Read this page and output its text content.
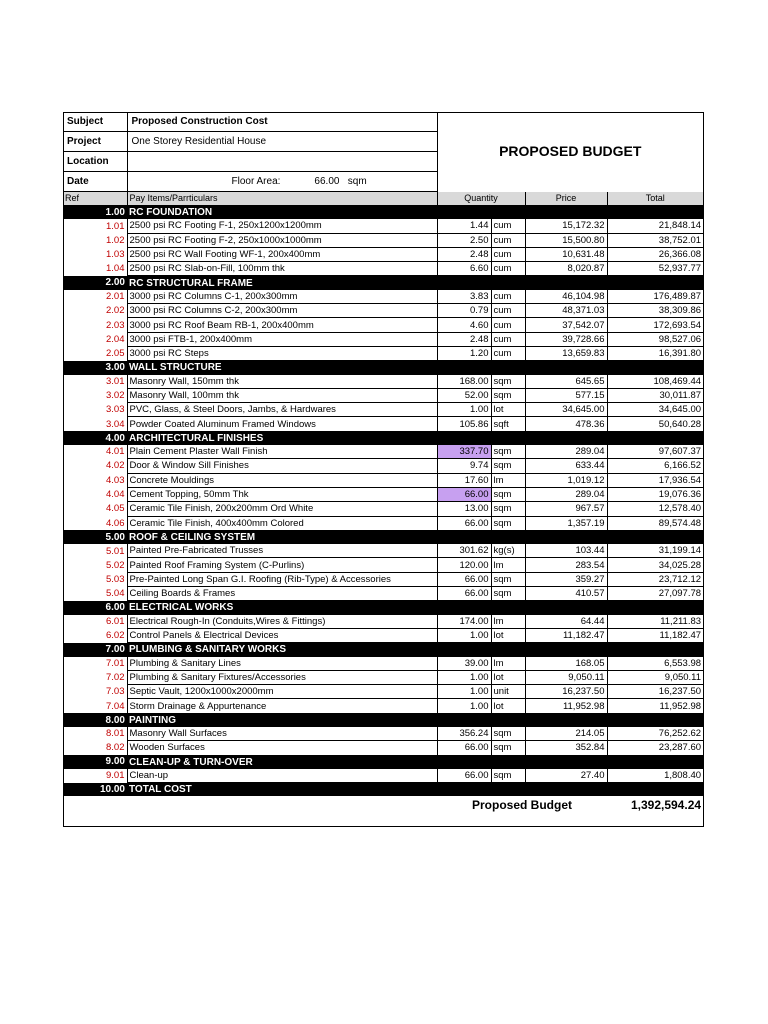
Subject	Proposed Construction Cost	PROPOSED BUDGET			
Project	One Storey Residential House				
Location					
Date	Floor Area: 66.00 sqm				
Ref	Pay Items/Parrticulars	Quantity		Price	Total
1.00	RC FOUNDATION				
1.01	2500 psi RC Footing F-1, 250x1200x1200mm	1.44	cum	15,172.32	21,848.14
1.02	2500 psi RC Footing F-2, 250x1000x1000mm	2.50	cum	15,500.80	38,752.01
1.03	2500 psi RC Wall Footing WF-1, 200x400mm	2.48	cum	10,631.48	26,366.08
1.04	2500 psi RC Slab-on-Fill, 100mm thk	6.60	cum	8,020.87	52,937.77
2.00	RC STRUCTURAL FRAME				
2.01	3000 psi RC Columns C-1, 200x300mm	3.83	cum	46,104.98	176,489.87
2.02	3000 psi RC Columns C-2, 200x300mm	0.79	cum	48,371.03	38,309.86
2.03	3000 psi RC Roof Beam RB-1, 200x400mm	4.60	cum	37,542.07	172,693.54
2.04	3000 psi FTB-1, 200x400mm	2.48	cum	39,728.66	98,527.06
2.05	3000 psi RC Steps	1.20	cum	13,659.83	16,391.80
3.00	WALL STRUCTURE				
3.01	Masonry Wall, 150mm thk	168.00	sqm	645.65	108,469.44
3.02	Masonry Wall, 100mm thk	52.00	sqm	577.15	30,011.87
3.03	PVC, Glass, & Steel Doors, Jambs, & Hardwares	1.00	lot	34,645.00	34,645.00
3.04	Powder Coated Aluminum Framed Windows	105.86	sqft	478.36	50,640.28
4.00	ARCHITECTURAL FINISHES				
4.01	Plain Cement Plaster Wall Finish	337.70	sqm	289.04	97,607.37
4.02	Door & Window Sill Finishes	9.74	sqm	633.44	6,166.52
4.03	Concrete Mouldings	17.60	lm	1,019.12	17,936.54
4.04	Cement Topping, 50mm Thk	66.00	sqm	289.04	19,076.36
4.05	Ceramic Tile Finish, 200x200mm Ord White	13.00	sqm	967.57	12,578.40
4.06	Ceramic Tile Finish, 400x400mm Colored	66.00	sqm	1,357.19	89,574.48
5.00	ROOF & CEILING SYSTEM				
5.01	Painted Pre-Fabricated Trusses	301.62	kg(s)	103.44	31,199.14
5.02	Painted Roof Framing System (C-Purlins)	120.00	lm	283.54	34,025.28
5.03	Pre-Painted Long Span G.I. Roofing (Rib-Type) & Accessories	66.00	sqm	359.27	23,712.12
5.04	Ceiling Boards & Frames	66.00	sqm	410.57	27,097.78
6.00	ELECTRICAL WORKS				
6.01	Electrical Rough-In (Conduits,Wires & Fittings)	174.00	lm	64.44	11,211.83
6.02	Control Panels & Electrical Devices	1.00	lot	11,182.47	11,182.47
7.00	PLUMBING & SANITARY WORKS				
7.01	Plumbing & Sanitary Lines	39.00	lm	168.05	6,553.98
7.02	Plumbing & Sanitary Fixtures/Accessories	1.00	lot	9,050.11	9,050.11
7.03	Septic Vault, 1200x1000x2000mm	1.00	unit	16,237.50	16,237.50
7.04	Storm Drainage & Appurtenance	1.00	lot	11,952.98	11,952.98
8.00	PAINTING				
8.01	Masonry Wall Surfaces	356.24	sqm	214.05	76,252.62
8.02	Wooden Surfaces	66.00	sqm	352.84	23,287.60
9.00	CLEAN-UP & TURN-OVER				
9.01	Clean-up	66.00	sqm	27.40	1,808.40
10.00	TOTAL COST				
		Proposed Budget			1,392,594.24
